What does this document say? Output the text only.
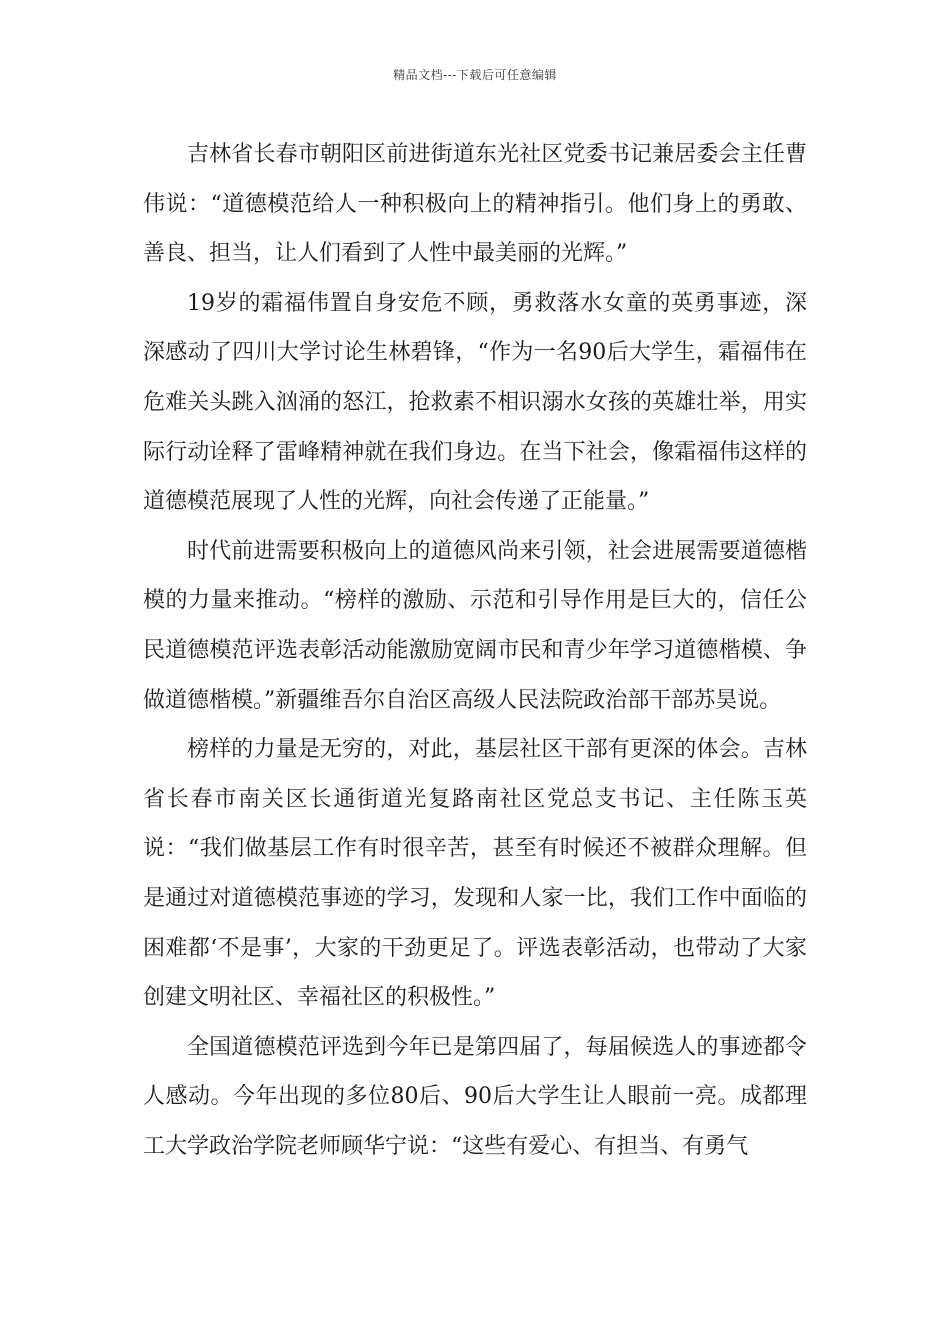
精品文档---下载后可任意编辑

吉林省长春市朝阳区前进街道东光社区党委书记兼居委会主任曹伟说：“道德模范给人一种积极向上的精神指引。他们身上的勇敢、善良、担当，让人们看到了人性中最美丽的光辉。”

19岁的霜福伟置自身安危不顾，勇救落水女童的英勇事迹，深深感动了四川大学讨论生林碧锋，“作为一名90后大学生，霜福伟在危难关头跳入汹涌的怒江，抢救素不相识溺水女孩的英雄壮举，用实际行动诠释了雷峰精神就在我们身边。在当下社会，像霜福伟这样的道德模范展现了人性的光辉，向社会传递了正能量。”

时代前进需要积极向上的道德风尚来引领，社会进展需要道德楷模的力量来推动。“榜样的激励、示范和引导作用是巨大的，信任公民道德模范评选表彰活动能激励宽阔市民和青少年学习道德楷模、争做道德楷模。”新疆维吾尔自治区高级人民法院政治部干部苏昊说。

榜样的力量是无穷的，对此，基层社区干部有更深的体会。吉林省长春市南关区长通街道光复路南社区党总支书记、主任陈玉英说：“我们做基层工作有时很辛苦，甚至有时候还不被群众理解。但是通过对道德模范事迹的学习，发现和人家一比，我们工作中面临的困难都‘不是事’，大家的干劲更足了。评选表彰活动，也带动了大家创建文明社区、幸福社区的积极性。”

全国道德模范评选到今年已是第四届了，每届候选人的事迹都令人感动。今年出现的多位80后、90后大学生让人眼前一亮。成都理工大学政治学院老师顾华宁说：“这些有爱心、有担当、有勇气
